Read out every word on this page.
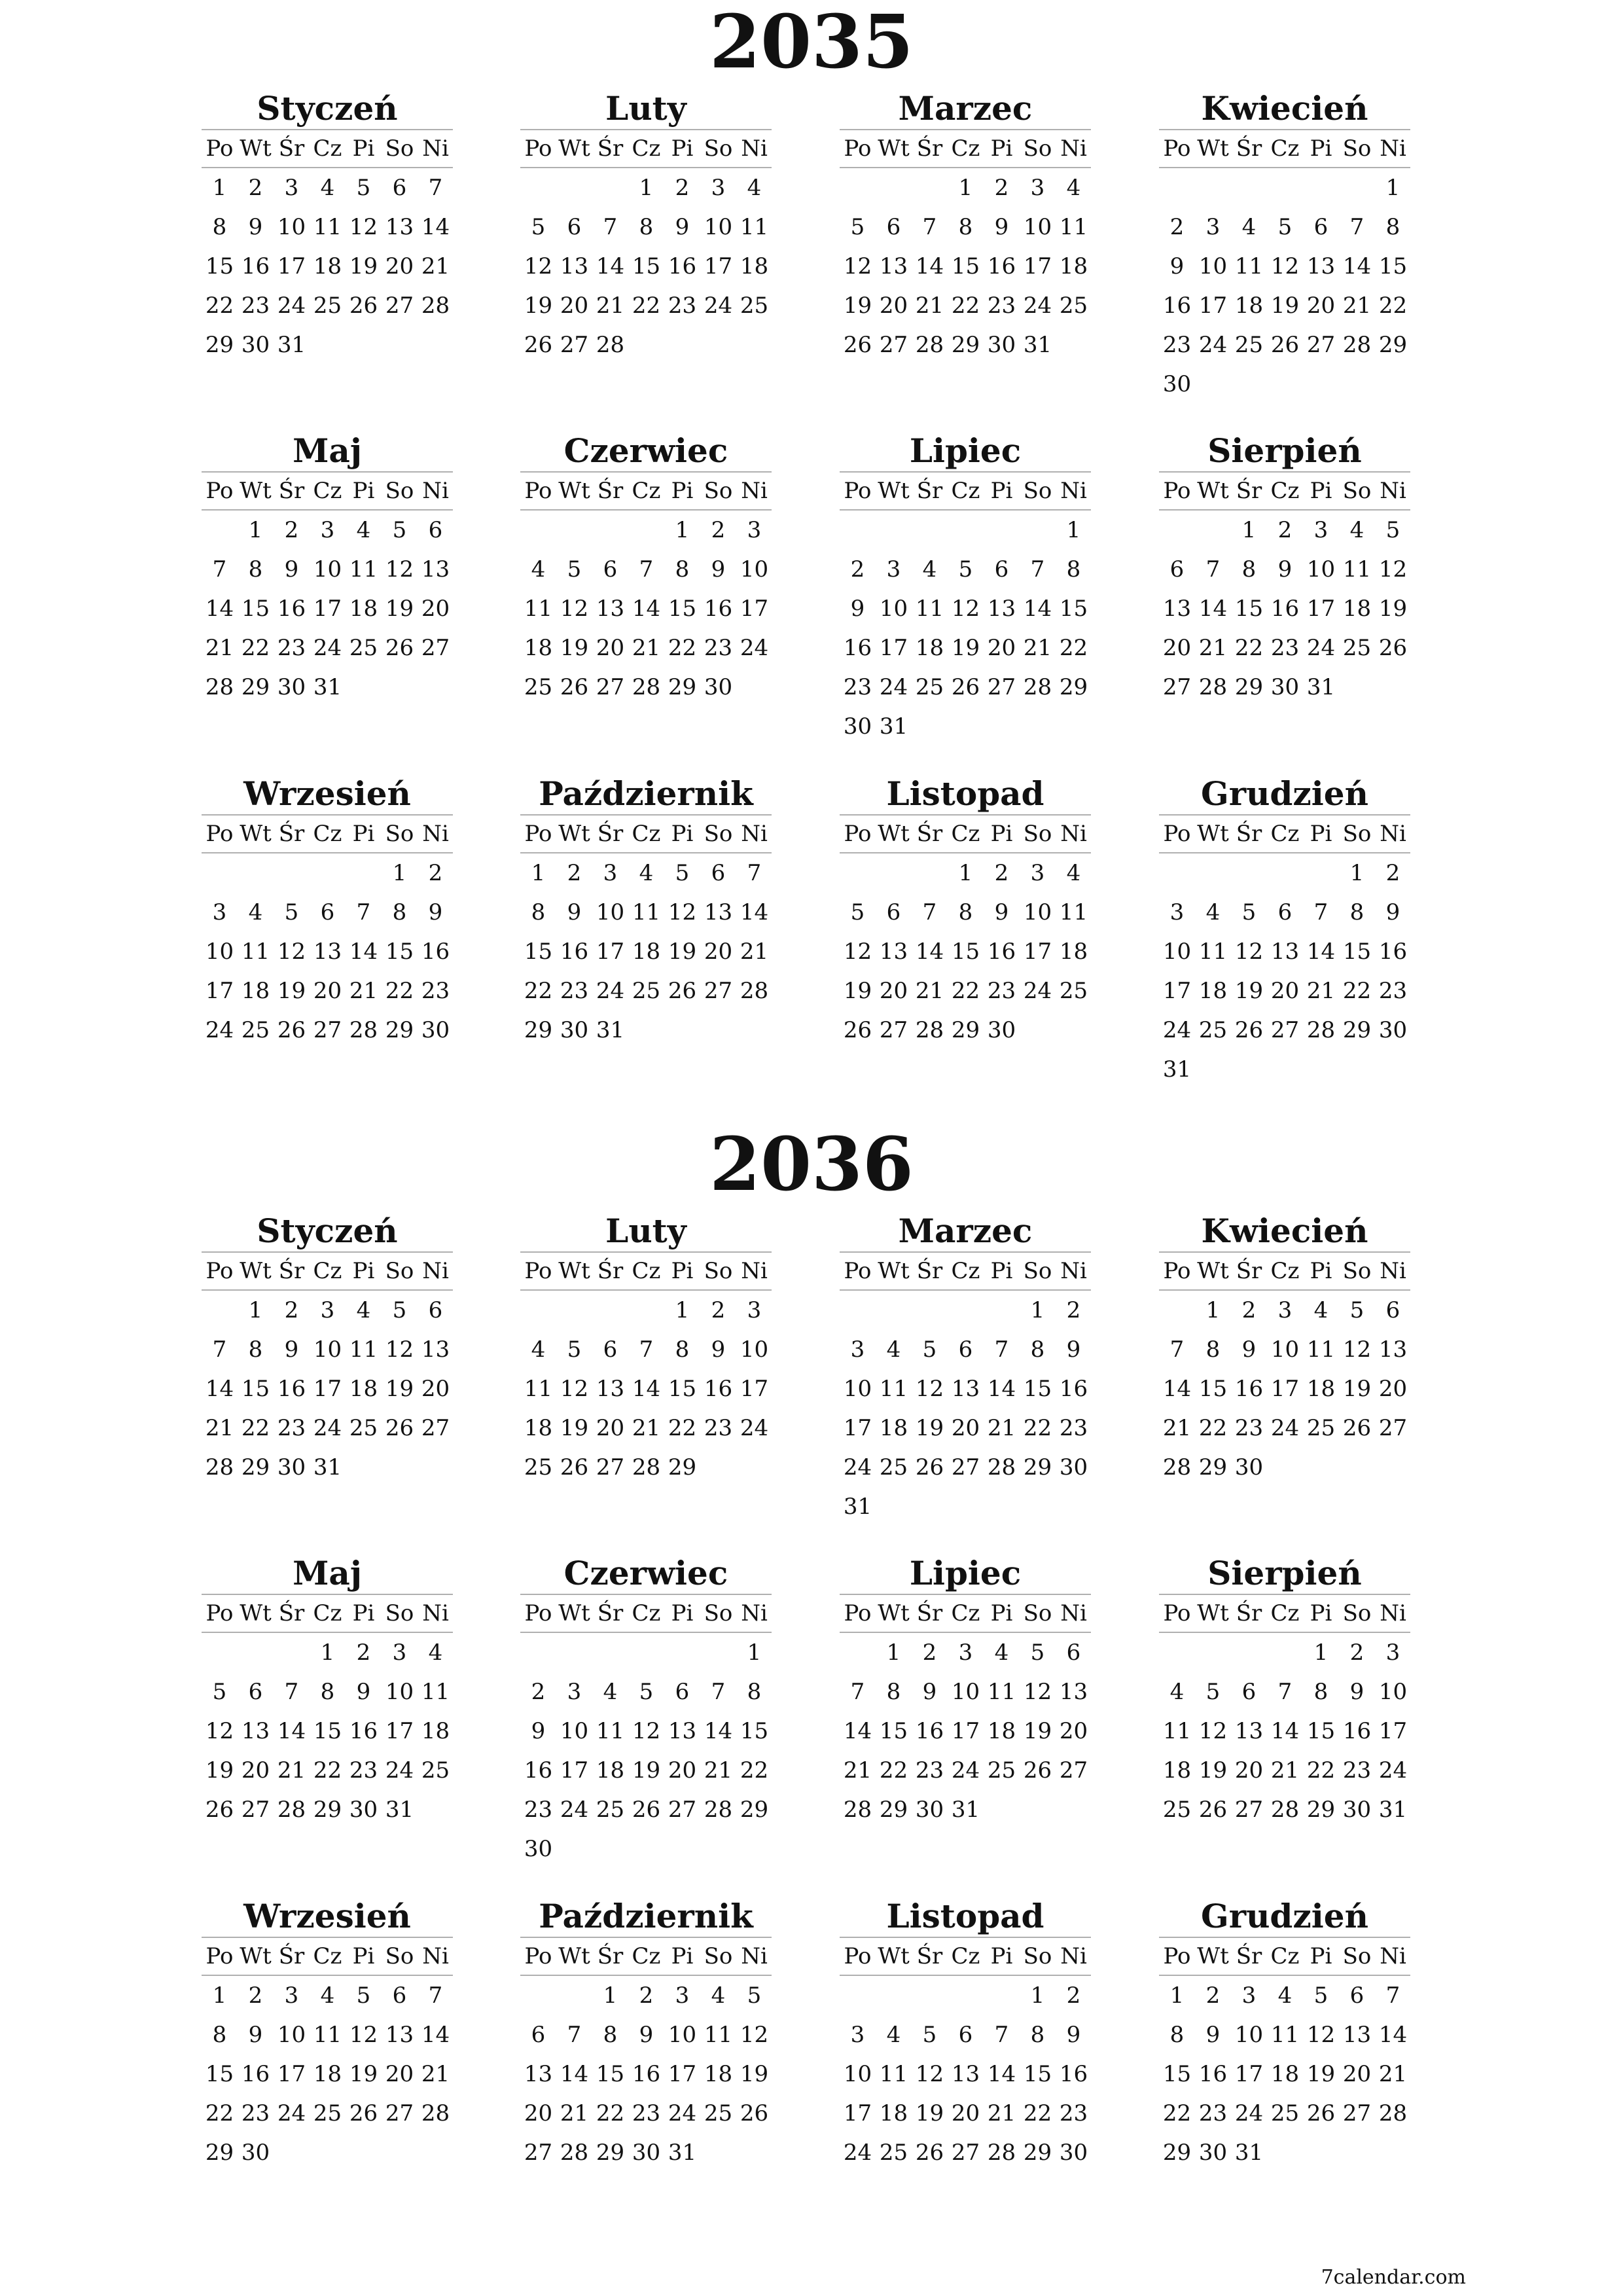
2035
Styczeń
Po Wt Śr Cz Pi So Ni
1 2 3 4 5 6 7
8 9 10 11 12 13 14
15 16 17 18 19 20 21
22 23 24 25 26 27 28
29 30 31
Luty
Po Wt Śr Cz Pi So Ni
1 2 3 4
5 6 7 8 9 10 11
12 13 14 15 16 17 18
19 20 21 22 23 24 25
26 27 28
Marzec
Po Wt Śr Cz Pi So Ni
1 2 3 4
5 6 7 8 9 10 11
12 13 14 15 16 17 18
19 20 21 22 23 24 25
26 27 28 29 30 31
Kwiecień
Po Wt Śr Cz Pi So Ni
1
2 3 4 5 6 7 8
9 10 11 12 13 14 15
16 17 18 19 20 21 22
23 24 25 26 27 28 29
30
Maj
Po Wt Śr Cz Pi So Ni
1 2 3 4 5 6
7 8 9 10 11 12 13
14 15 16 17 18 19 20
21 22 23 24 25 26 27
28 29 30 31
Czerwiec
Po Wt Śr Cz Pi So Ni
1 2 3
4 5 6 7 8 9 10
11 12 13 14 15 16 17
18 19 20 21 22 23 24
25 26 27 28 29 30
Lipiec
Po Wt Śr Cz Pi So Ni
1
2 3 4 5 6 7 8
9 10 11 12 13 14 15
16 17 18 19 20 21 22
23 24 25 26 27 28 29
30 31
Sierpień
Po Wt Śr Cz Pi So Ni
1 2 3 4 5
6 7 8 9 10 11 12
13 14 15 16 17 18 19
20 21 22 23 24 25 26
27 28 29 30 31
Wrzesień
Po Wt Śr Cz Pi So Ni
1 2
3 4 5 6 7 8 9
10 11 12 13 14 15 16
17 18 19 20 21 22 23
24 25 26 27 28 29 30
Październik
Po Wt Śr Cz Pi So Ni
1 2 3 4 5 6 7
8 9 10 11 12 13 14
15 16 17 18 19 20 21
22 23 24 25 26 27 28
29 30 31
Listopad
Po Wt Śr Cz Pi So Ni
1 2 3 4
5 6 7 8 9 10 11
12 13 14 15 16 17 18
19 20 21 22 23 24 25
26 27 28 29 30
Grudzień
Po Wt Śr Cz Pi So Ni
1 2
3 4 5 6 7 8 9
10 11 12 13 14 15 16
17 18 19 20 21 22 23
24 25 26 27 28 29 30
31
2036
Styczeń
Po Wt Śr Cz Pi So Ni
1 2 3 4 5 6
7 8 9 10 11 12 13
14 15 16 17 18 19 20
21 22 23 24 25 26 27
28 29 30 31
Luty
Po Wt Śr Cz Pi So Ni
1 2 3
4 5 6 7 8 9 10
11 12 13 14 15 16 17
18 19 20 21 22 23 24
25 26 27 28 29
Marzec
Po Wt Śr Cz Pi So Ni
1 2
3 4 5 6 7 8 9
10 11 12 13 14 15 16
17 18 19 20 21 22 23
24 25 26 27 28 29 30
31
Kwiecień
Po Wt Śr Cz Pi So Ni
1 2 3 4 5 6
7 8 9 10 11 12 13
14 15 16 17 18 19 20
21 22 23 24 25 26 27
28 29 30
Maj
Po Wt Śr Cz Pi So Ni
1 2 3 4
5 6 7 8 9 10 11
12 13 14 15 16 17 18
19 20 21 22 23 24 25
26 27 28 29 30 31
Czerwiec
Po Wt Śr Cz Pi So Ni
1
2 3 4 5 6 7 8
9 10 11 12 13 14 15
16 17 18 19 20 21 22
23 24 25 26 27 28 29
30
Lipiec
Po Wt Śr Cz Pi So Ni
1 2 3 4 5 6
7 8 9 10 11 12 13
14 15 16 17 18 19 20
21 22 23 24 25 26 27
28 29 30 31
Sierpień
Po Wt Śr Cz Pi So Ni
1 2 3
4 5 6 7 8 9 10
11 12 13 14 15 16 17
18 19 20 21 22 23 24
25 26 27 28 29 30 31
Wrzesień
Po Wt Śr Cz Pi So Ni
1 2 3 4 5 6 7
8 9 10 11 12 13 14
15 16 17 18 19 20 21
22 23 24 25 26 27 28
29 30
Październik
Po Wt Śr Cz Pi So Ni
1 2 3 4 5
6 7 8 9 10 11 12
13 14 15 16 17 18 19
20 21 22 23 24 25 26
27 28 29 30 31
Listopad
Po Wt Śr Cz Pi So Ni
1 2
3 4 5 6 7 8 9
10 11 12 13 14 15 16
17 18 19 20 21 22 23
24 25 26 27 28 29 30
Grudzień
Po Wt Śr Cz Pi So Ni
1 2 3 4 5 6 7
8 9 10 11 12 13 14
15 16 17 18 19 20 21
22 23 24 25 26 27 28
29 30 31
7calendar.com
